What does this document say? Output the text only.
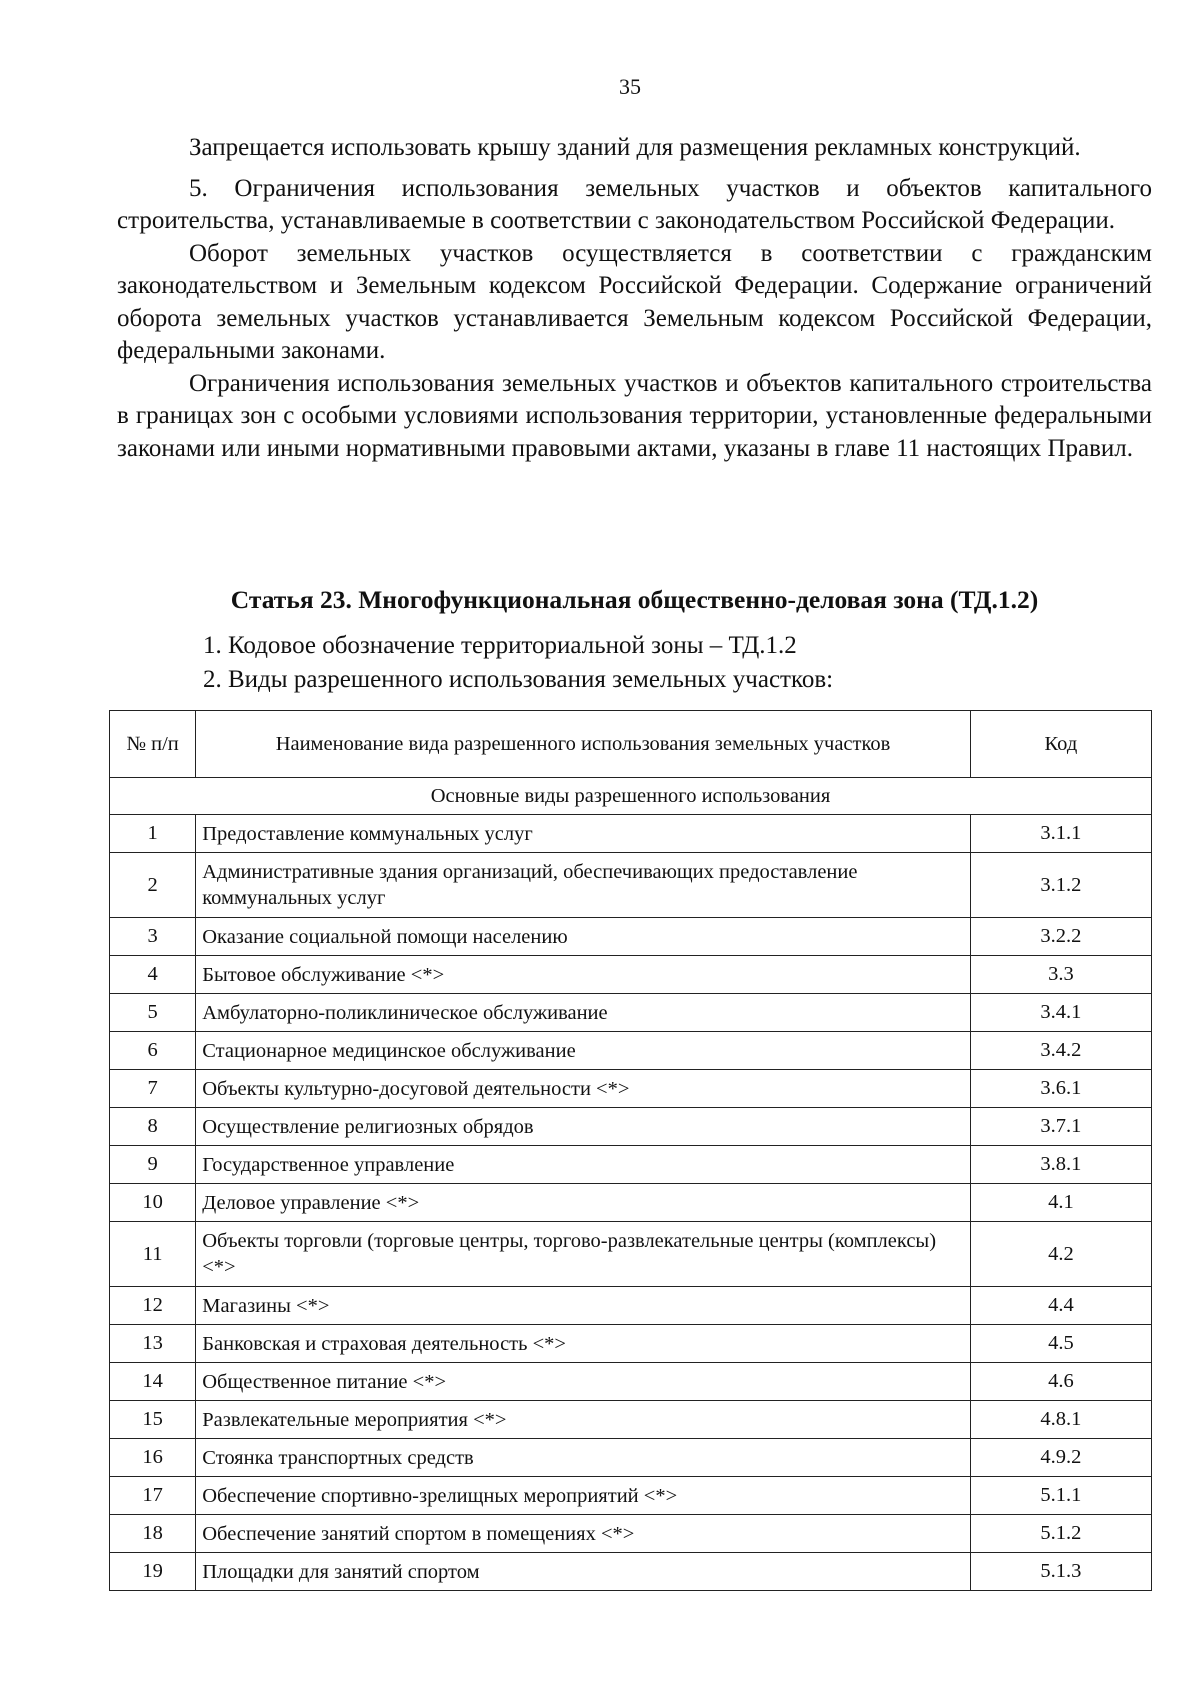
35

Запрещается использовать крышу зданий для размещения рекламных конструкций.

5. Ограничения использования земельных участков и объектов капитального строительства, устанавливаемые в соответствии с законодательством Российской Федерации.

Оборот земельных участков осуществляется в соответствии с гражданским законодательством и Земельным кодексом Российской Федерации. Содержание ограничений оборота земельных участков устанавливается Земельным кодексом Российской Федерации, федеральными законами.

Ограничения использования земельных участков и объектов капитального строительства в границах зон с особыми условиями использования территории, установленные федеральными законами или иными нормативными правовыми актами, указаны в главе 11 настоящих Правил.

Статья 23. Многофункциональная общественно-деловая зона (ТД.1.2)
1. Кодовое обозначение территориальной зоны – ТД.1.2
2. Виды разрешенного использования земельных участков:
№ п/п	Наименование вида разрешенного использования земельных участков	Код
Основные виды разрешенного использования		
1	Предоставление коммунальных услуг	3.1.1
2	Административные здания организаций, обеспечивающих предоставление коммунальных услуг	3.1.2
3	Оказание социальной помощи населению	3.2.2
4	Бытовое обслуживание <*>	3.3
5	Амбулаторно-поликлиническое обслуживание	3.4.1
6	Стационарное медицинское обслуживание	3.4.2
7	Объекты культурно-досуговой деятельности <*>	3.6.1
8	Осуществление религиозных обрядов	3.7.1
9	Государственное управление	3.8.1
10	Деловое управление <*>	4.1
11	Объекты торговли (торговые центры, торгово-развлекательные центры (комплексы) <*>	4.2
12	Магазины <*>	4.4
13	Банковская и страховая деятельность <*>	4.5
14	Общественное питание <*>	4.6
15	Развлекательные мероприятия <*>	4.8.1
16	Стоянка транспортных средств	4.9.2
17	Обеспечение спортивно-зрелищных мероприятий <*>	5.1.1
18	Обеспечение занятий спортом в помещениях <*>	5.1.2
19	Площадки для занятий спортом	5.1.3
